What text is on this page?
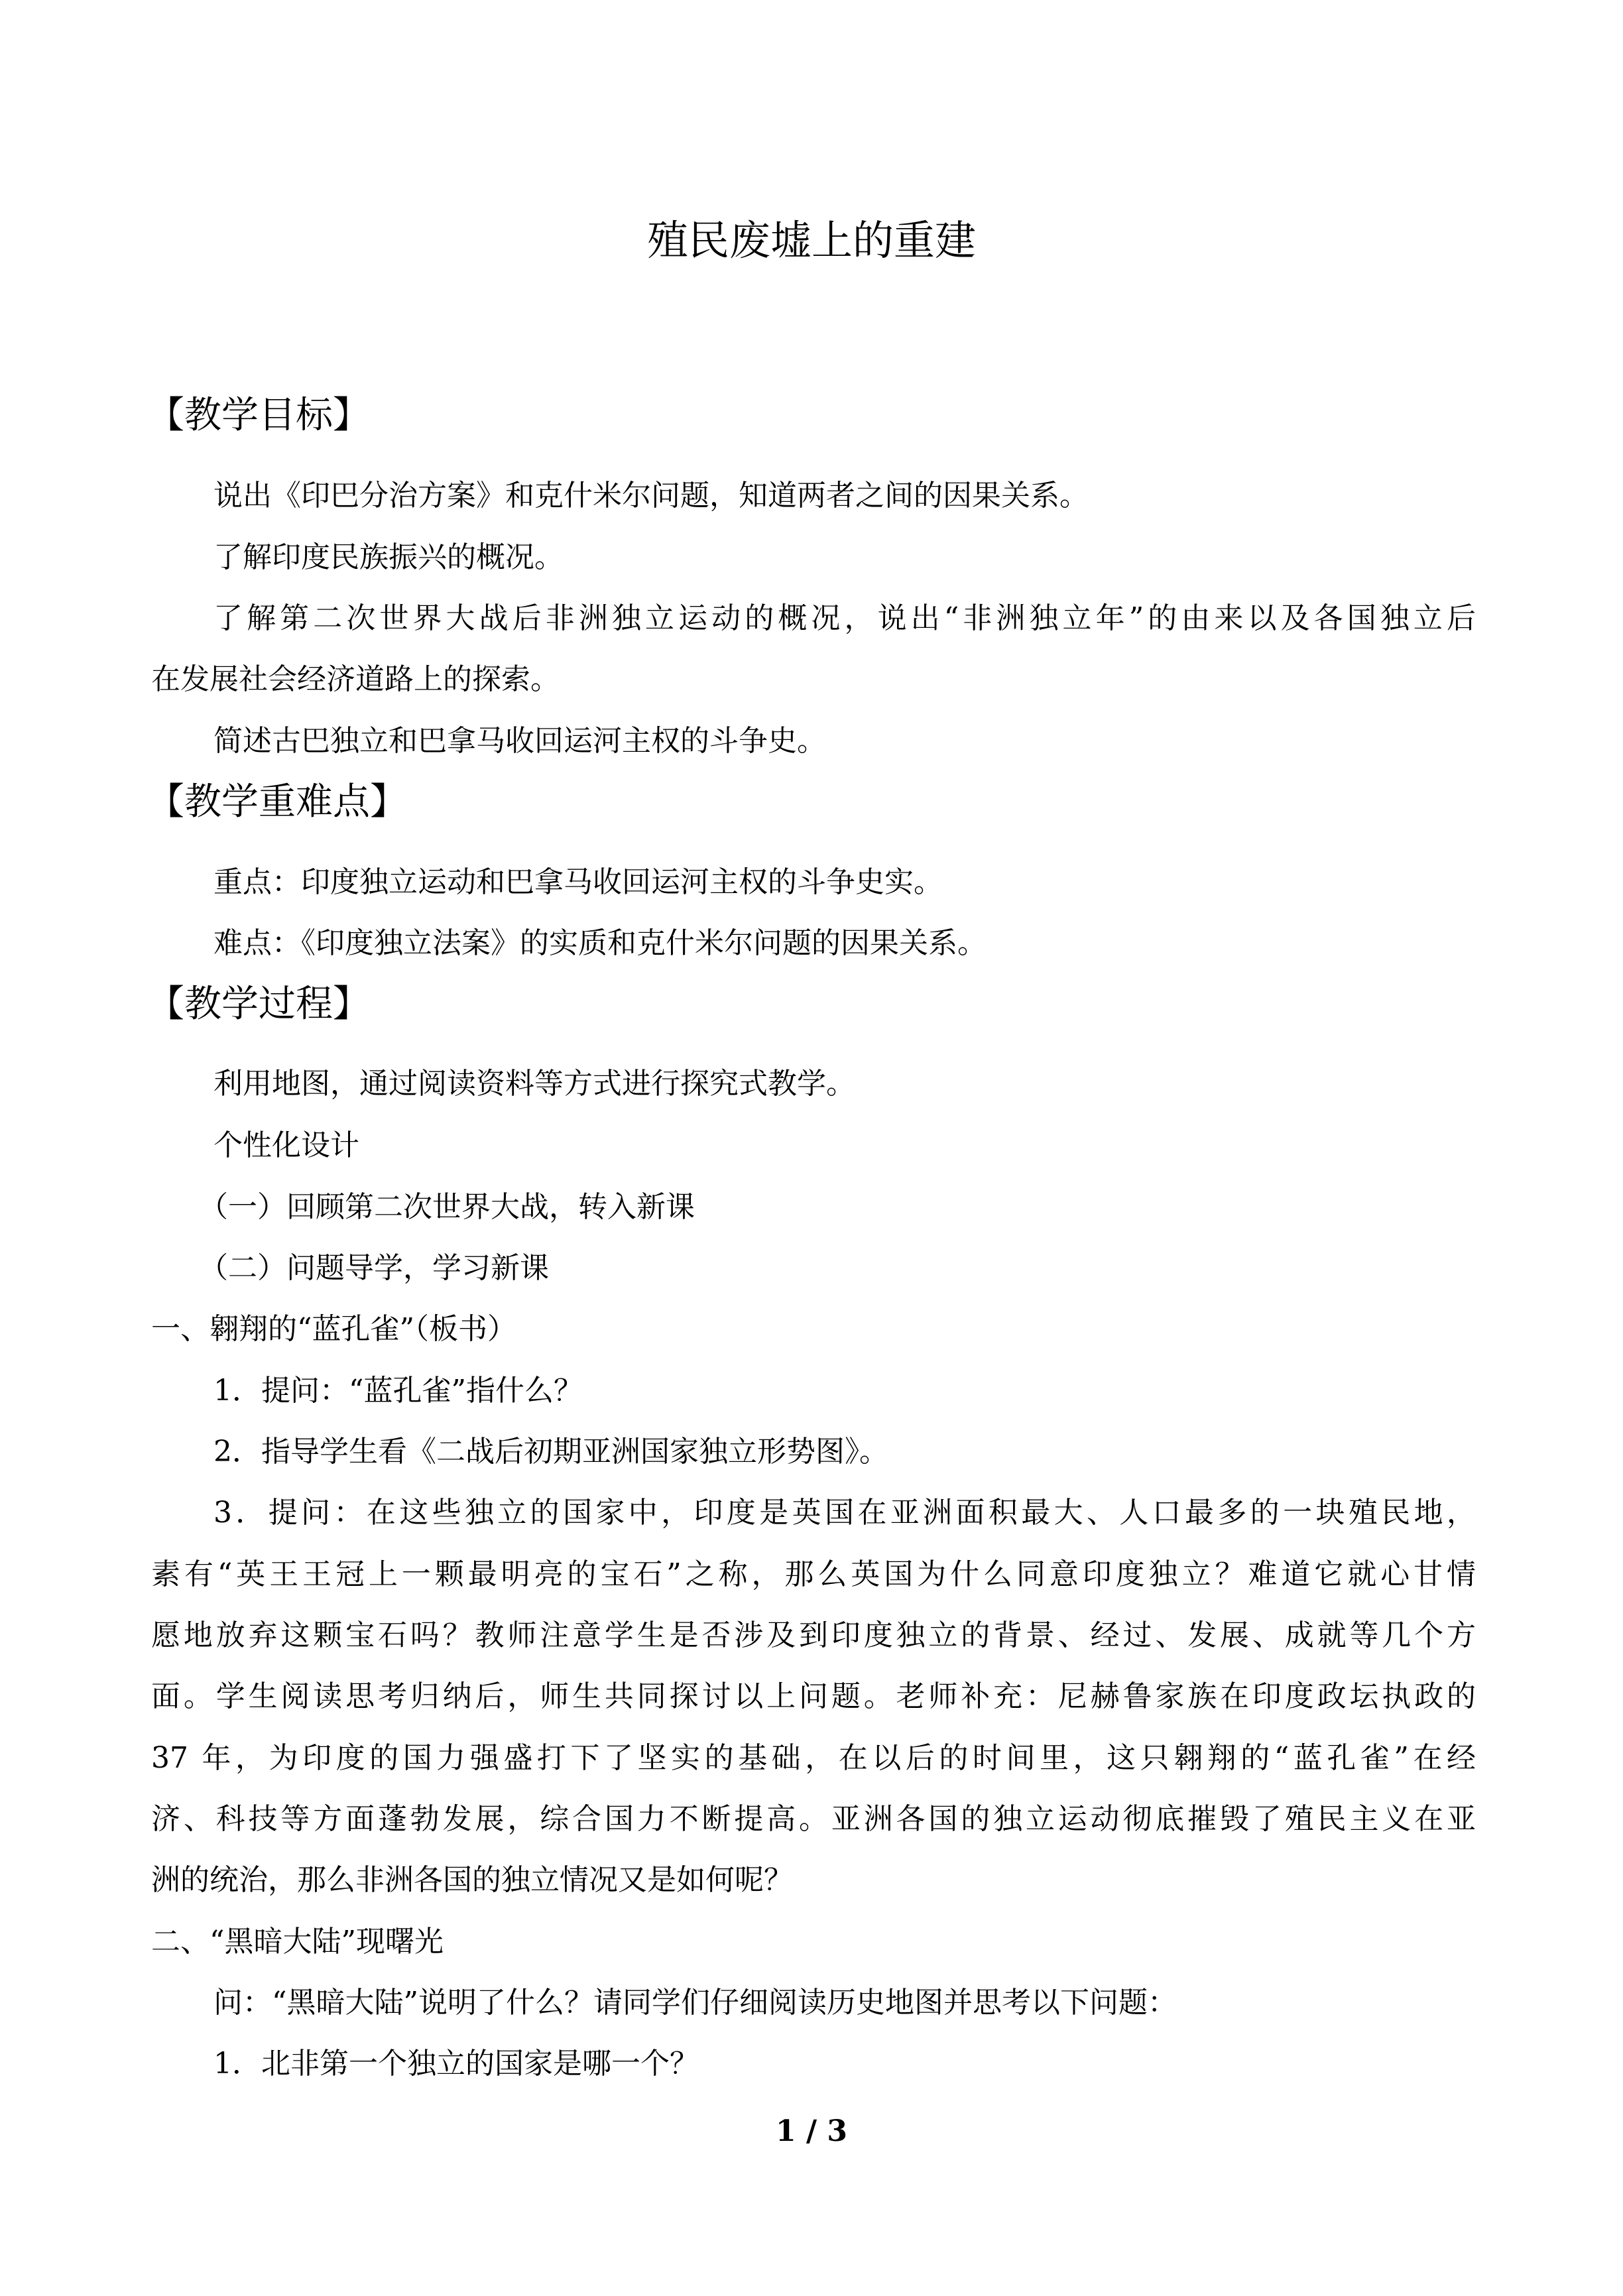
殖民废墟上的重建
【教学目标】
说出《印巴分治方案》和克什米尔问题，知道两者之间的因果关系。
了解印度民族振兴的概况。
了解第二次世界大战后非洲独立运动的概况，说出“非洲独立年”的由来以及各国独立后
在发展社会经济道路上的探索。
简述古巴独立和巴拿马收回运河主权的斗争史。
【教学重难点】
重点：印度独立运动和巴拿马收回运河主权的斗争史实。
难点：《印度独立法案》的实质和克什米尔问题的因果关系。
【教学过程】
利用地图，通过阅读资料等方式进行探究式教学。
个性化设计
（一）回顾第二次世界大战，转入新课
（二）问题导学，学习新课
一、翱翔的“蓝孔雀”（板书）
1．提问：“蓝孔雀”指什么？
2．指导学生看《二战后初期亚洲国家独立形势图》。
3．提问：在这些独立的国家中，印度是英国在亚洲面积最大、人口最多的一块殖民地，
素有“英王王冠上一颗最明亮的宝石”之称，那么英国为什么同意印度独立？难道它就心甘情
愿地放弃这颗宝石吗？教师注意学生是否涉及到印度独立的背景、经过、发展、成就等几个方
面。学生阅读思考归纳后，师生共同探讨以上问题。老师补充：尼赫鲁家族在印度政坛执政的
37 年，为印度的国力强盛打下了坚实的基础，在以后的时间里，这只翱翔的“蓝孔雀”在经
济、科技等方面蓬勃发展，综合国力不断提高。亚洲各国的独立运动彻底摧毁了殖民主义在亚
洲的统治，那么非洲各国的独立情况又是如何呢？
二、“黑暗大陆”现曙光
问：“黑暗大陆”说明了什么？请同学们仔细阅读历史地图并思考以下问题：
1．北非第一个独立的国家是哪一个？
1 / 3
